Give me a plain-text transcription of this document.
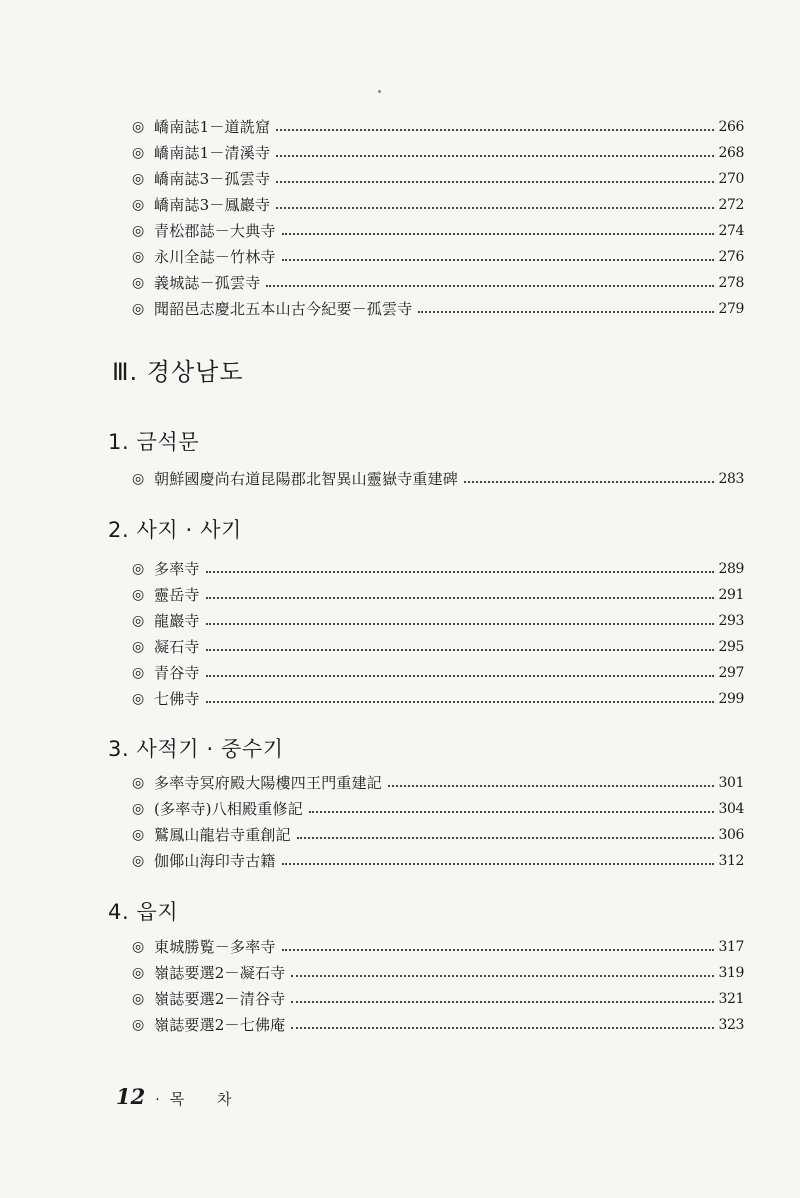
◎ 嶠南誌1－道詵窟	266
◎ 嶠南誌1－清溪寺	268
◎ 嶠南誌3－孤雲寺	270
◎ 嶠南誌3－鳳巖寺	272
◎ 青松郡誌－大典寺	274
◎ 永川全誌－竹林寺	276
◎ 義城誌－孤雲寺	278
◎ 聞韶邑志慶北五本山古今紀要－孤雲寺	279
Ⅲ. 경상남도
1. 금석문
◎ 朝鮮國慶尚右道昆陽郡北智異山靈嶽寺重建碑	283
2. 사지 · 사기
◎ 多率寺	289
◎ 靈岳寺	291
◎ 龍巖寺	293
◎ 凝石寺	295
◎ 青谷寺	297
◎ 七佛寺	299
3. 사적기 · 중수기
◎ 多率寺冥府殿大陽樓四王門重建記	301
◎ (多率寺)八相殿重修記	304
◎ 鷲鳳山龍岩寺重創記	306
◎ 伽倻山海印寺古籍	312
4. 읍지
◎ 東城勝覧－多率寺	317
◎ 嶺誌要選2－凝石寺	319
◎ 嶺誌要選2－清谷寺	321
◎ 嶺誌要選2－七佛庵	323
12 · 목 차
